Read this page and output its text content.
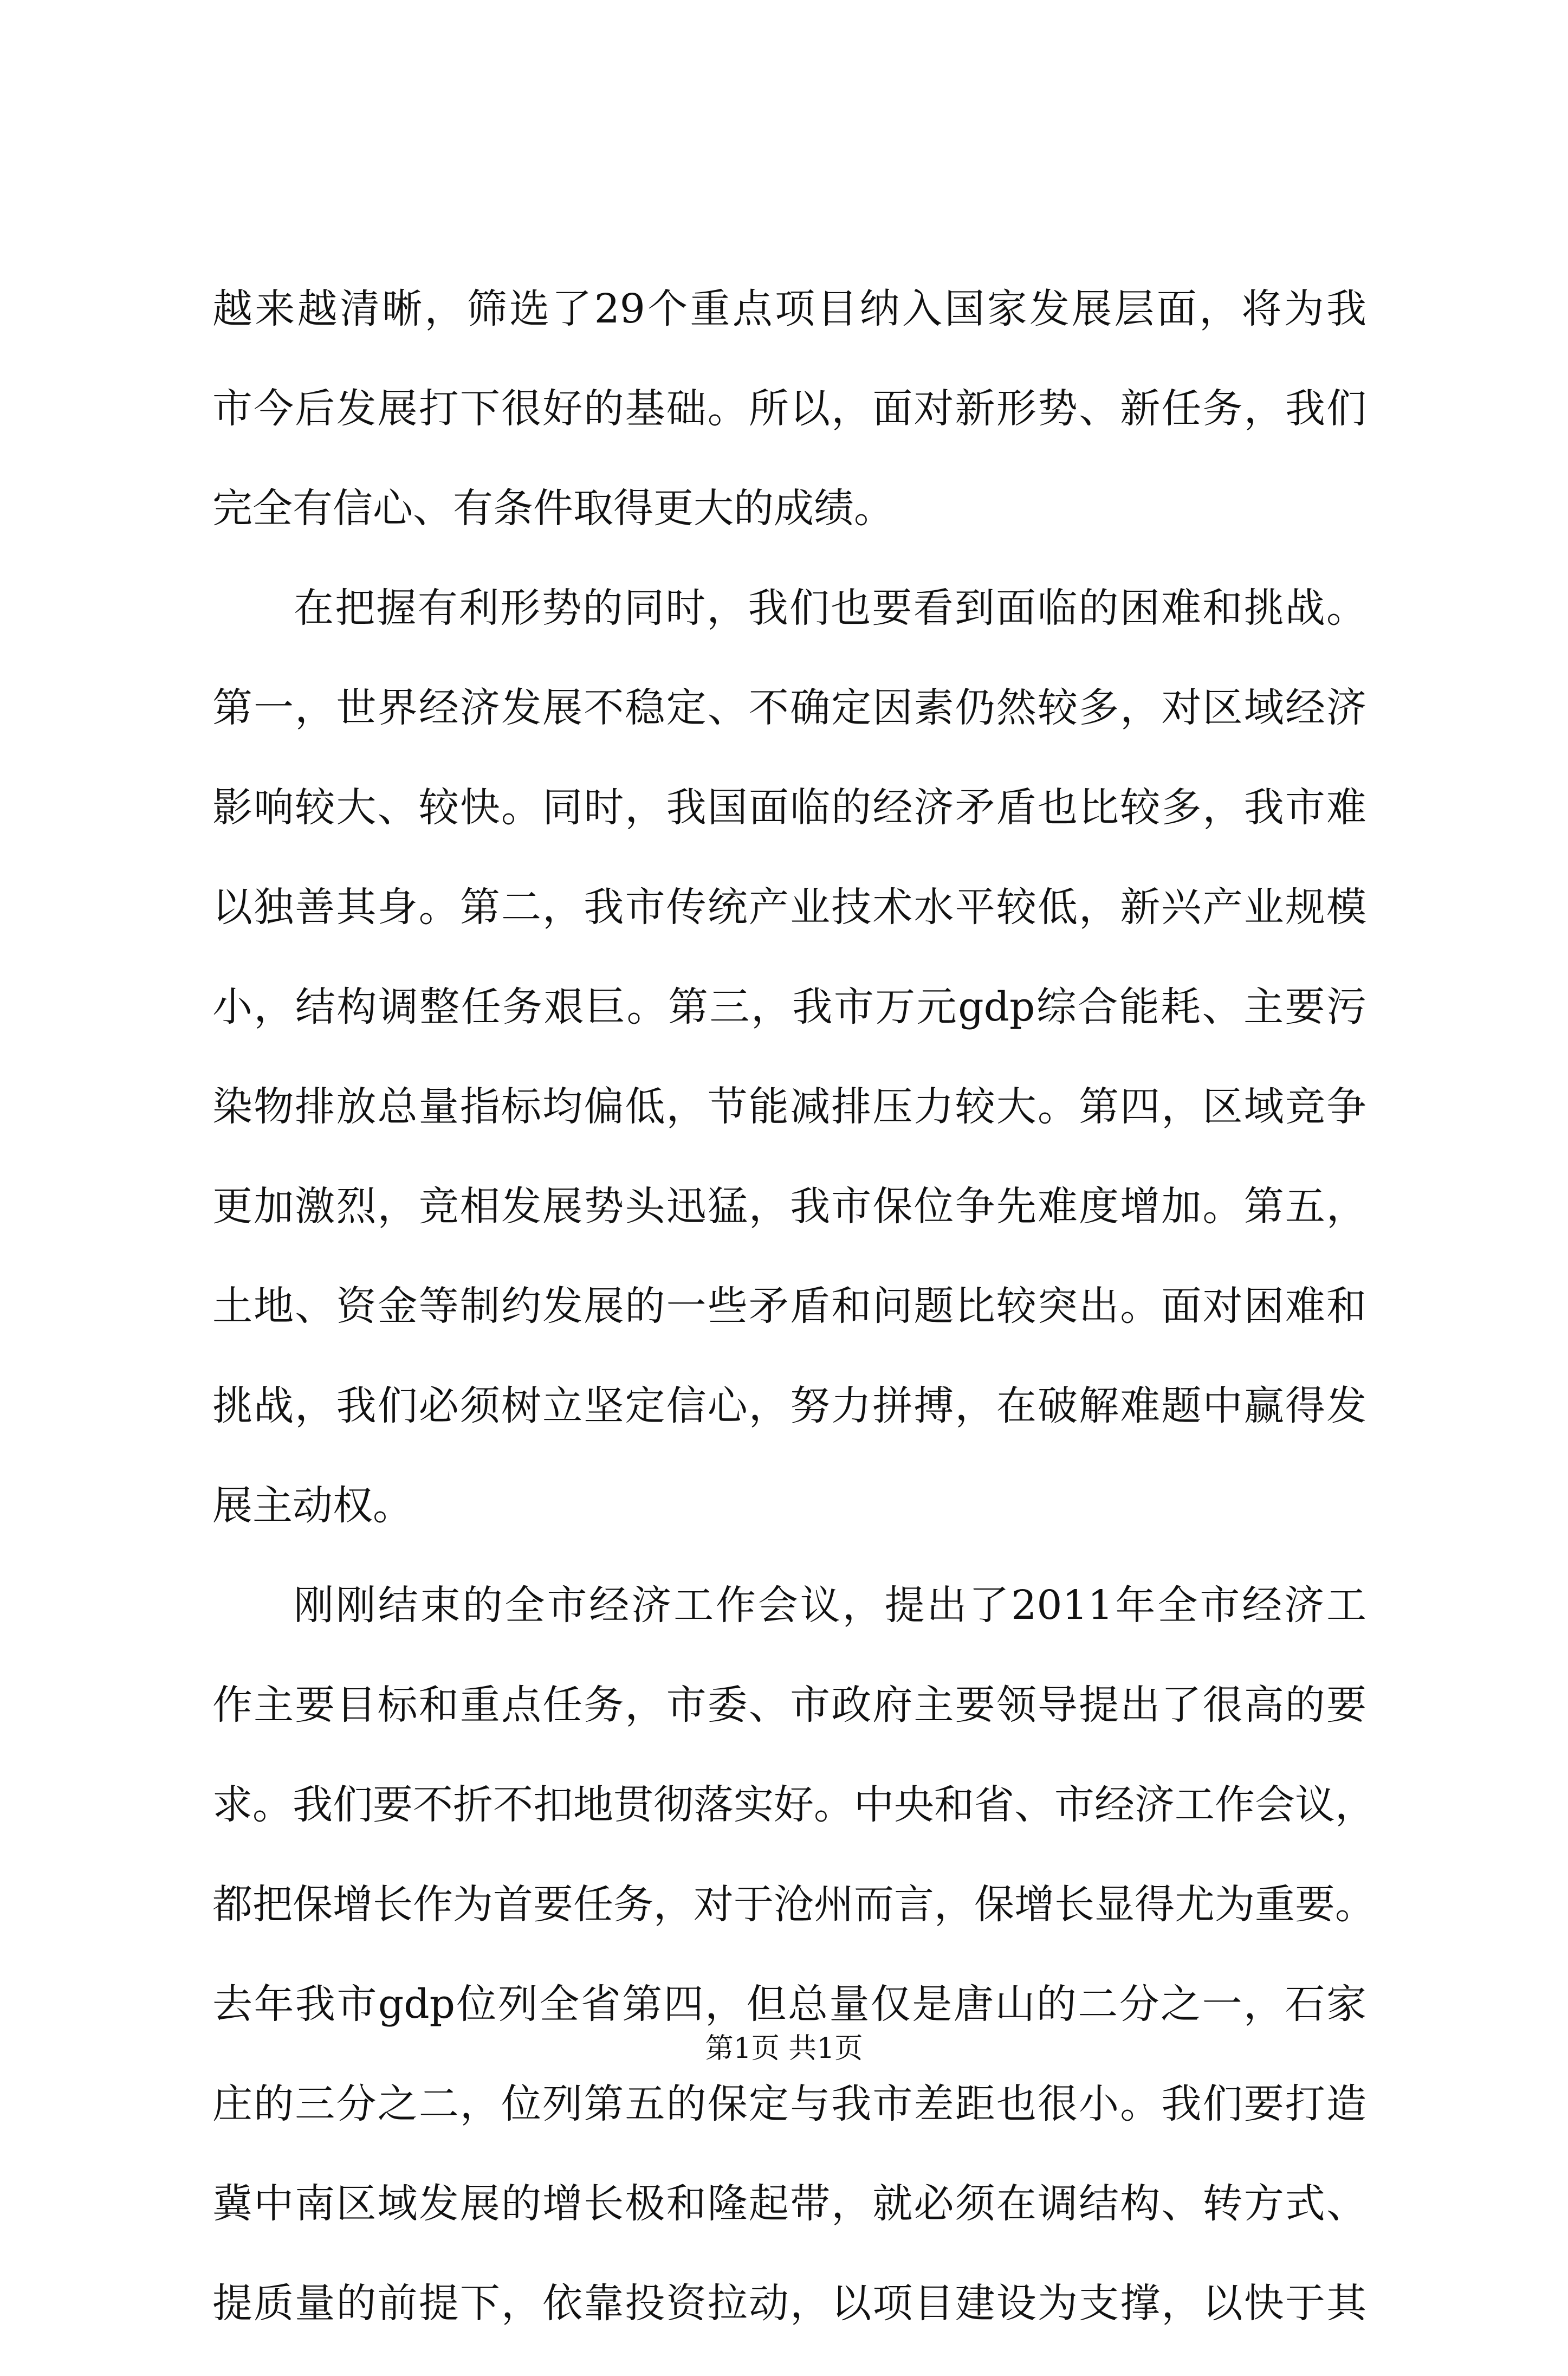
越来越清晰，筛选了29个重点项目纳入国家发展层面，将为我
市今后发展打下很好的基础。所以，面对新形势、新任务，我们
完全有信心、有条件取得更大的成绩。
在把握有利形势的同时，我们也要看到面临的困难和挑战。
第一，世界经济发展不稳定、不确定因素仍然较多，对区域经济
影响较大、较快。同时，我国面临的经济矛盾也比较多，我市难
以独善其身。第二，我市传统产业技术水平较低，新兴产业规模
小，结构调整任务艰巨。第三，我市万元gdp综合能耗、主要污
染物排放总量指标均偏低，节能减排压力较大。第四，区域竞争
更加激烈，竞相发展势头迅猛，我市保位争先难度增加。第五，
土地、资金等制约发展的一些矛盾和问题比较突出。面对困难和
挑战，我们必须树立坚定信心，努力拼搏，在破解难题中赢得发
展主动权。
刚刚结束的全市经济工作会议，提出了2011年全市经济工
作主要目标和重点任务，市委、市政府主要领导提出了很高的要
求。我们要不折不扣地贯彻落实好。中央和省、市经济工作会议，
都把保增长作为首要任务，对于沧州而言，保增长显得尤为重要。
去年我市gdp位列全省第四，但总量仅是唐山的二分之一，石家
庄的三分之二，位列第五的保定与我市差距也很小。我们要打造
冀中南区域发展的增长极和隆起带，就必须在调结构、转方式、
提质量的前提下，依靠投资拉动，以项目建设为支撑，以快于其
第1页 共1页
